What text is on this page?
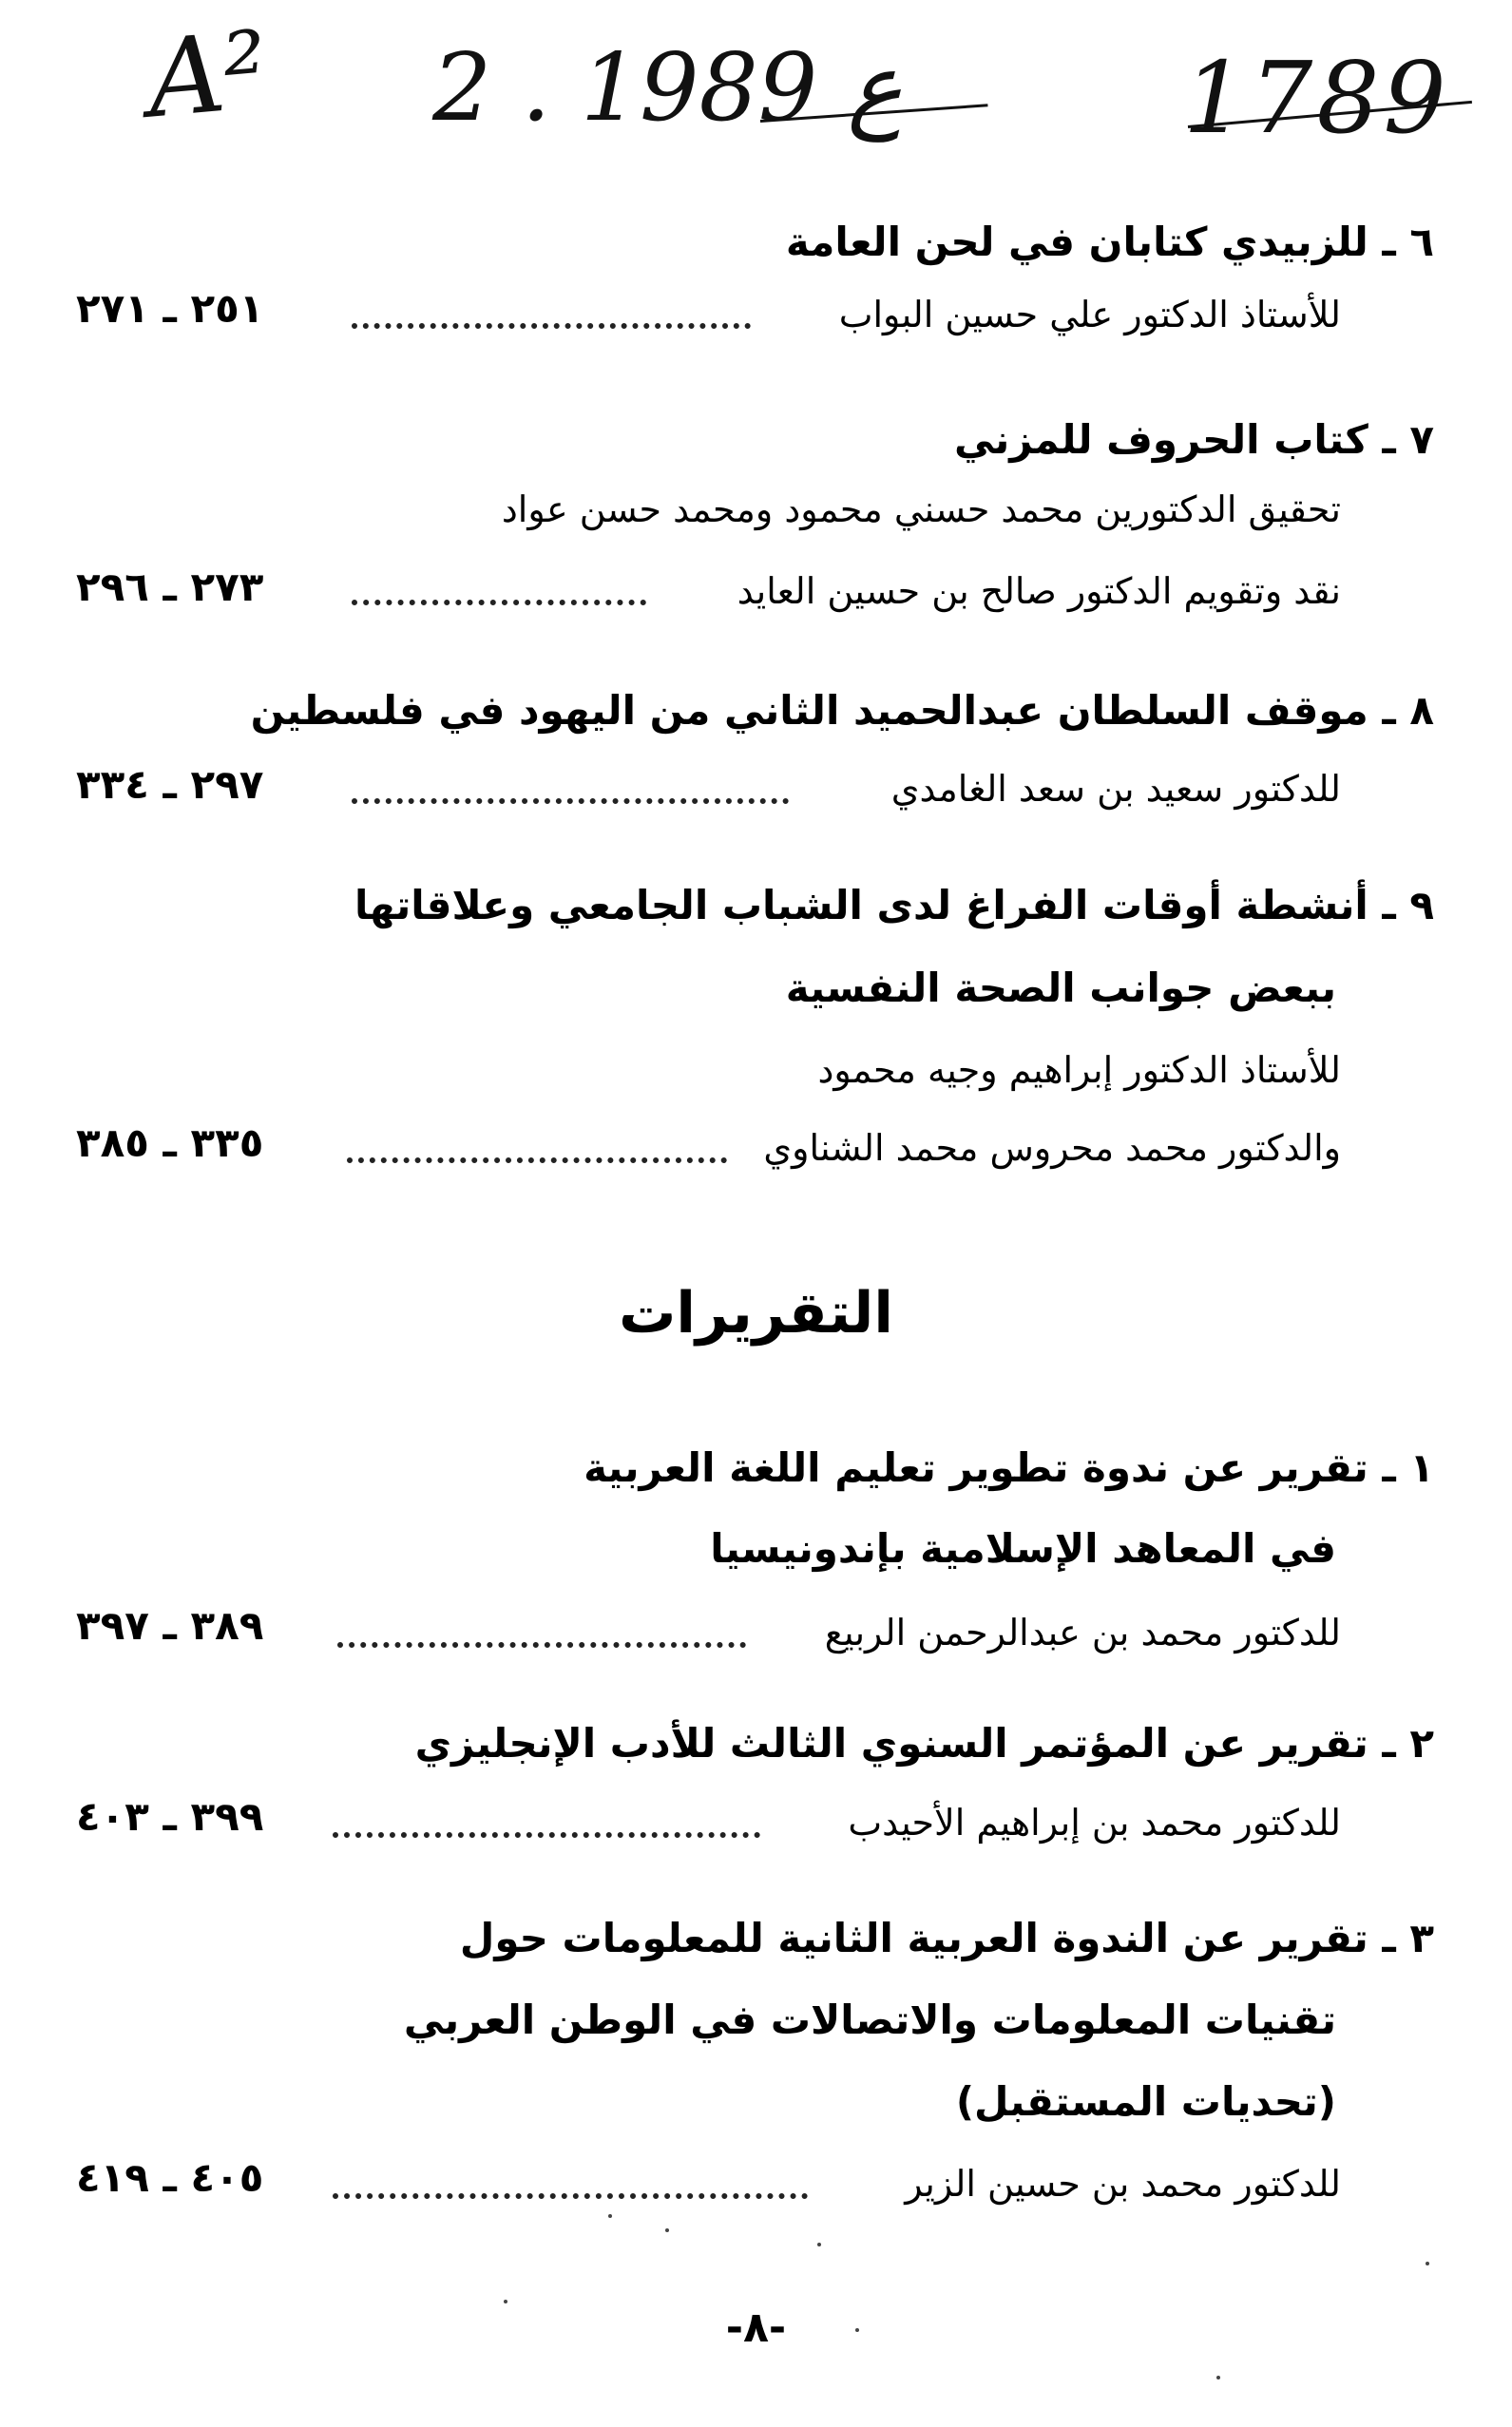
A² 2 . ع 1989	1789
٦ ـ للزبيدي كتابان في لحن العامة
للأستاذ الدكتور علي حسين البواب
٢٥١ ـ ٢٧١
٧ ـ كتاب الحروف للمزني
تحقيق الدكتورين محمد حسني محمود ومحمد حسن عواد
نقد وتقويم الدكتور صالح بن حسين العايد
٢٧٣ ـ ٢٩٦
٨ ـ موقف السلطان عبدالحميد الثاني من اليهود في فلسطين
للدكتور سعيد بن سعد الغامدي
٢٩٧ ـ ٣٣٤
٩ ـ أنشطة أوقات الفراغ لدى الشباب الجامعي وعلاقاتها
ببعض جوانب الصحة النفسية
للأستاذ الدكتور إبراهيم وجيه محمود
والدكتور محمد محروس محمد الشناوي
٣٣٥ ـ ٣٨٥
التقريرات
١ ـ تقرير عن ندوة تطوير تعليم اللغة العربية
في المعاهد الإسلامية بإندونيسيا
للدكتور محمد بن عبدالرحمن الربيع
٣٨٩ ـ ٣٩٧
٢ ـ تقرير عن المؤتمر السنوي الثالث للأدب الإنجليزي
للدكتور محمد بن إبراهيم الأحيدب
٣٩٩ ـ ٤٠٣
٣ ـ تقرير عن الندوة العربية الثانية للمعلومات حول
تقنيات المعلومات والاتصالات في الوطن العربي
(تحديات المستقبل)
للدكتور محمد بن حسين الزير
٤٠٥ ـ ٤١٩
-٨-
